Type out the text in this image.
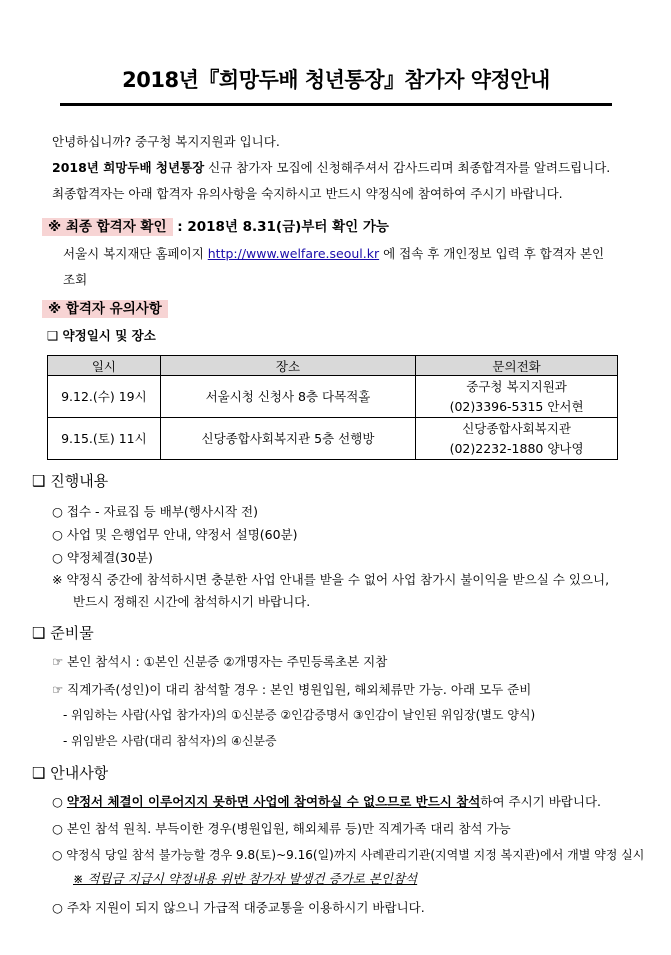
2018년『희망두배 청년통장』참가자 약정안내
안녕하십니까? 중구청 복지지원과 입니다.
2018년 희망두배 청년통장 신규 참가자 모집에 신청해주셔서 감사드리며 최종합격자를 알려드립니다.
최종합격자는 아래 합격자 유의사항을 숙지하시고 반드시 약정식에 참여하여 주시기 바랍니다.
※ 최종 합격자 확인 : 2018년 8.31(금)부터 확인 가능
서울시 복지재단 홈페이지 http://www.welfare.seoul.kr 에 접속 후 개인정보 입력 후 합격자 본인
조회
※ 합격자 유의사항
❑ 약정일시 및 장소
일시	장소	문의전화
9.12.(수) 19시	서울시청 신청사 8층 다목적홀	중구청 복지지원과
(02)3396-5315 안서현

9.15.(토) 11시	신당종합사회복지관 5층 선행방	신당종합사회복지관
(02)2232-1880 양나영
❑ 진행내용
○ 접수 - 자료집 등 배부(행사시작 전)
○ 사업 및 은행업무 안내, 약정서 설명(60분)
○ 약정체결(30분)
※ 약정식 중간에 참석하시면 충분한 사업 안내를 받을 수 없어 사업 참가시 불이익을 받으실 수 있으니,
반드시 정해진 시간에 참석하시기 바랍니다.
❑ 준비물
☞ 본인 참석시 : ①본인 신분증 ②개명자는 주민등록초본 지참
☞ 직계가족(성인)이 대리 참석할 경우 : 본인 병원입원, 해외체류만 가능. 아래 모두 준비
- 위임하는 사람(사업 참가자)의 ①신분증 ②인감증명서 ③인감이 날인된 위임장(별도 양식)
- 위임받은 사람(대리 참석자)의 ④신분증
❑ 안내사항
○ 약정서 체결이 이루어지지 못하면 사업에 참여하실 수 없으므로 반드시 참석하여 주시기 바랍니다.
○ 본인 참석 원칙. 부득이한 경우(병원입원, 해외체류 등)만 직계가족 대리 참석 가능
○ 약정식 당일 참석 불가능할 경우 9.8(토)~9.16(일)까지 사례관리기관(지역별 지정 복지관)에서 개별 약정 실시
※ 적립금 지급시 약정내용 위반 참가자 발생건 증가로 본인참석
○ 주차 지원이 되지 않으니 가급적 대중교통을 이용하시기 바랍니다.
